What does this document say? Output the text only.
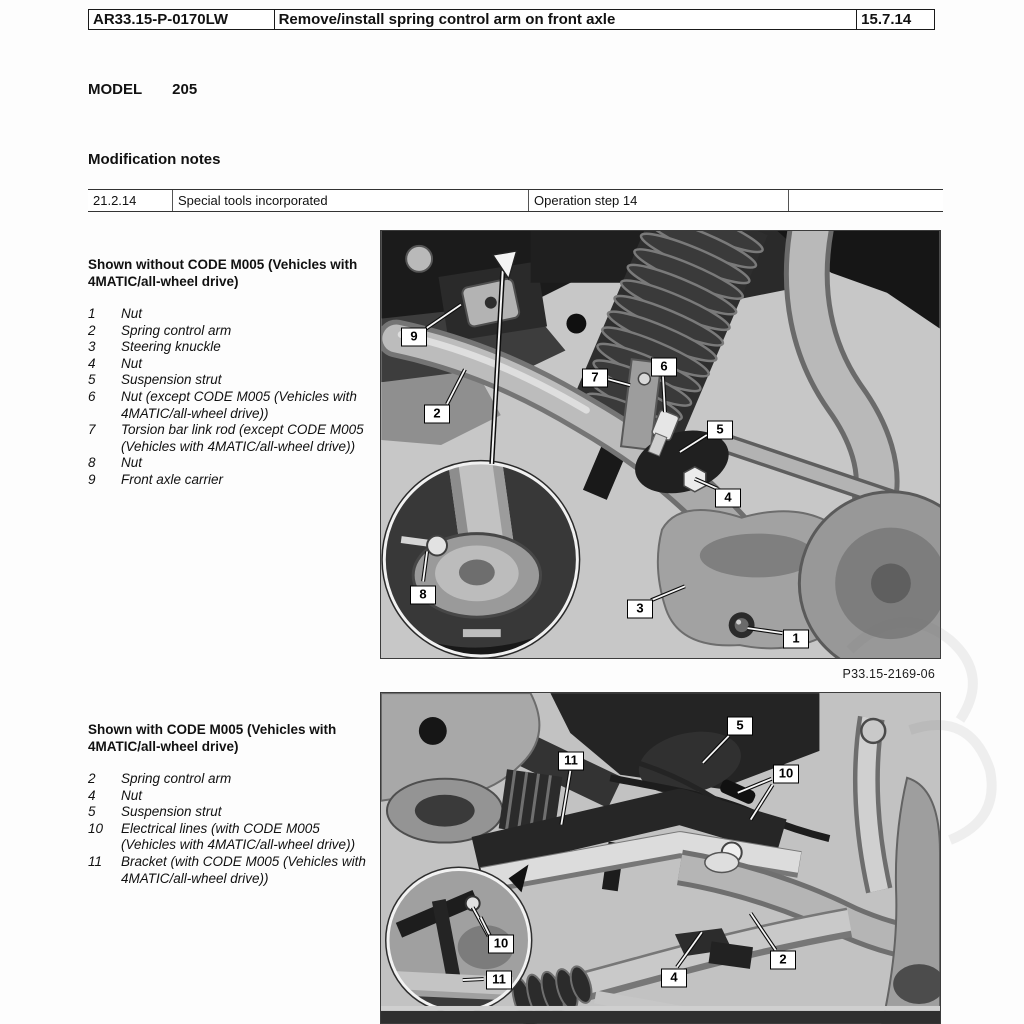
AR33.15-P-0170LW	Remove/install spring control arm on front axle	15.7.14
MODEL 205
Modification notes
21.2.14	Special tools incorporated	Operation step 14

Shown without CODE M005 (Vehicles with 4MATIC/all-wheel drive)

1	Nut
2	Spring control arm
3	Steering knuckle
4	Nut
5	Suspension strut
6	Nut (except CODE M005 (Vehicles with 4MATIC/all-wheel drive))
7	Torsion bar link rod (except CODE M005 (Vehicles with 4MATIC/all-wheel drive))
8	Nut
9	Front axle carrier
9
2
7
6
5
4
8
3
1
P33.15-2169-06

Shown with CODE M005 (Vehicles with 4MATIC/all-wheel drive)

2	Spring control arm
4	Nut
5	Suspension strut
10	Electrical lines (with CODE M005 (Vehicles with 4MATIC/all-wheel drive))
11	Bracket (with CODE M005 (Vehicles with 4MATIC/all-wheel drive))
5
11
10
10
11	4
2
